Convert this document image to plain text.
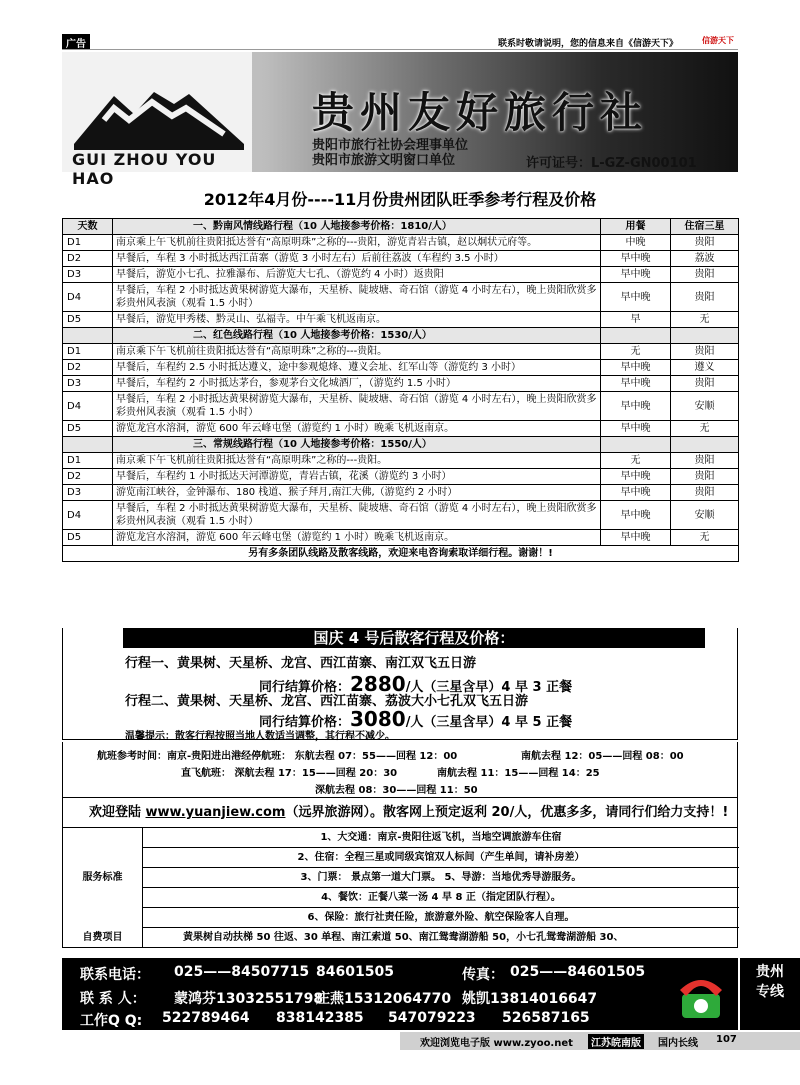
广告	联系时敬请说明，您的信息来自《信游天下》	信游天下
GUI ZHOU YOU HAO
贵州友好旅行社
贵阳市旅行社协会理事单位
贵阳市旅游文明窗口单位	许可证号：L-GZ-GN00101
2012年4月份----11月份贵州团队旺季参考行程及价格
天数	一、黔南风情线路行程（10 人地接参考价格：1810/人）	用餐	住宿三星
D1	南京乘上午飞机前往贵阳抵达誉有“高原明珠”之称的---贵阳，游览青岩古镇，赵以炯状元府等。	中晚	贵阳
D2	早餐后，车程 3 小时抵达西江苗寨（游览 3 小时左右）后前往荔波（车程约 3.5 小时）	早中晚	荔波
D3	早餐后，游览小七孔、拉雅瀑布、后游览大七孔、（游览约 4 小时）返贵阳	早中晚	贵阳
D4	早餐后，车程 2 小时抵达黄果树游览大瀑布，天星桥、陡坡塘、奇石馆（游览 4 小时左右），晚上贵阳欣赏多彩贵州风表演（观看 1.5 小时）	早中晚	贵阳
D5	早餐后，游览甲秀楼、黔灵山、弘福寺。中午乘飞机返南京。	早	无
	二、红色线路行程（10 人地接参考价格：1530/人）		
D1	南京乘下午飞机前往贵阳抵达誉有“高原明珠”之称的---贵阳。	无	贵阳
D2	早餐后，车程约 2.5 小时抵达遵义，途中参观熄烽、遵义会址、红军山等（游览约 3 小时）	早中晚	遵义
D3	早餐后，车程约 2 小时抵达茅台，参观茅台文化城酒厂，（游览约 1.5 小时）	早中晚	贵阳
D4	早餐后，车程 2 小时抵达黄果树游览大瀑布，天星桥、陡坡塘、奇石馆（游览 4 小时左右），晚上贵阳欣赏多彩贵州风表演（观看 1.5 小时）	早中晚	安顺
D5	游览龙宫水溶洞，游览 600 年云峰屯堡（游览约 1 小时）晚乘飞机返南京。	早中晚	无
	三、常规线路行程（10 人地接参考价格：1550/人）		
D1	南京乘下午飞机前往贵阳抵达誉有“高原明珠”之称的---贵阳。	无	贵阳
D2	早餐后，车程约 1 小时抵达天河潭游览，青岩古镇，花溪（游览约 3 小时）	早中晚	贵阳
D3	游览南江峡谷，金钟瀑布、180 栈道、猴子拜月,南江大佛,（游览约 2 小时）	早中晚	贵阳
D4	早餐后，车程 2 小时抵达黄果树游览大瀑布，天星桥、陡坡塘、奇石馆（游览 4 小时左右），晚上贵阳欣赏多彩贵州风表演（观看 1.5 小时）	早中晚	安顺
D5	游览龙宫水溶洞，游览 600 年云峰屯堡（游览约 1 小时）晚乘飞机返南京。	早中晚	无
另有多条团队线路及散客线路，欢迎来电咨询索取详细行程。谢谢！!			
国庆 4 号后散客行程及价格：
行程一、黄果树、天星桥、龙宫、西江苗寨、南江双飞五日游
同行结算价格：2880/人（三星含早）4 早 3 正餐
行程二、黄果树、天星桥、龙宫、西江苗寨、荔波大小七孔双飞五日游
同行结算价格：3080/人（三星含早）4 早 5 正餐
温馨提示：散客行程按照当地人数适当调整，其行程不减少。
航班参考时间：南京-贵阳进出港经停航班： 东航去程 07：55——回程 12：00	南航去程 12：05——回程 08：00
直飞航班： 深航去程 17：15——回程 20：30	南航去程 11：15——回程 14：25
深航去程 08：30——回程 11：50
欢迎登陆 www.yuanjiew.com（远界旅游网）。散客网上预定返利 20/人，优惠多多，请同行们给力支持！!
服务标准
1、大交通：南京-贵阳往返飞机，当地空调旅游车住宿
2、住宿：全程三星或同级宾馆双人标间（产生单间，请补房差）
3、门票： 景点第一道大门票。 5、导游：当地优秀导游服务。
4、餐饮：正餐八菜一汤 4 早 8 正（指定团队行程）。
6、保险：旅行社责任险，旅游意外险、航空保险客人自理。
自费项目	黄果树自动扶梯 50 往返、30 单程、南江索道 50、南江鸳鸯湖游船 50，小七孔鸳鸯湖游船 30、
联系电话： 025——84507715 84601505	传真： 025——84601505
联 系 人： 蒙鸿芬13032551798
庄燕15312064770 姚凯13814016647
工作Q Q: 522789464 838142385 547079223 526587165
贵州
专线
欢迎浏览电子版 www.zyoo.net	江苏皖南版	国内长线 107
